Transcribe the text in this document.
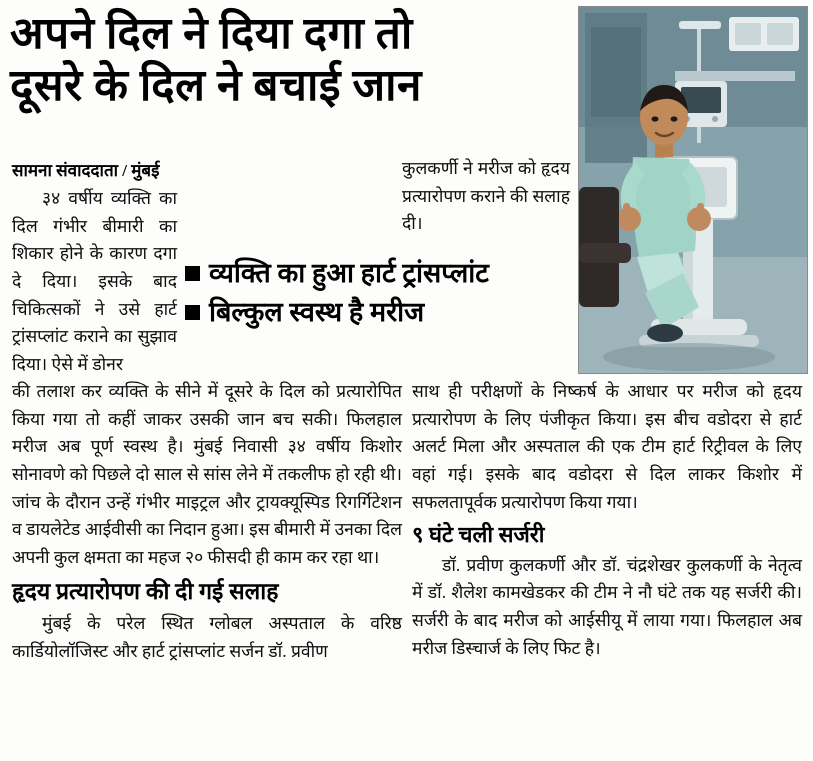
अपने दिल ने दिया दगा तो
दूसरे के दिल ने बचाई जान
सामना संवाददाता / मुंबई

३४ वर्षीय व्यक्ति का दिल गंभीर बीमारी का शिकार होने के कारण दगा दे दिया। इसके बाद चिकित्सकों ने उसे हार्ट ट्रांसप्लांट कराने का सुझाव दिया। ऐसे में डोनर

कुलकर्णी ने मरीज को हृदय प्रत्यारोपण कराने की सलाह दी।

व्यक्ति का हुआ हार्ट ट्रांसप्लांट
बिल्कुल स्वस्थ है मरीज

की तलाश कर व्यक्ति के सीने में दूसरे के दिल को प्रत्यारोपित किया गया तो कहीं जाकर उसकी जान बच सकी। फिलहाल मरीज अब पूर्ण स्वस्थ है। मुंबई निवासी ३४ वर्षीय किशोर सोनावणे को पिछले दो साल से सांस लेने में तकलीफ हो रही थी। जांच के दौरान उन्हें गंभीर माइट्रल और ट्रायक्यूस्पिड रिगर्गिटेशन व डायलेटेड आईवीसी का निदान हुआ। इस बीमारी में उनका दिल अपनी कुल क्षमता का महज २० फीसदी ही काम कर रहा था।

हृदय प्रत्यारोपण की दी गई सलाह

मुंबई के परेल स्थित ग्लोबल अस्पताल के वरिष्ठ कार्डियोलॉजिस्ट और हार्ट ट्रांसप्लांट सर्जन डॉ. प्रवीण

साथ ही परीक्षणों के निष्कर्ष के आधार पर मरीज को हृदय प्रत्यारोपण के लिए पंजीकृत किया। इस बीच वडोदरा से हार्ट अलर्ट मिला और अस्पताल की एक टीम हार्ट रिट्रीवल के लिए वहां गई। इसके बाद वडोदरा से दिल लाकर किशोर में सफलतापूर्वक प्रत्यारोपण किया गया।

९ घंटे चली सर्जरी

डॉ. प्रवीण कुलकर्णी और डॉ. चंद्रशेखर कुलकर्णी के नेतृत्व में डॉ. शैलेश कामखेडकर की टीम ने नौ घंटे तक यह सर्जरी की। सर्जरी के बाद मरीज को आईसीयू में लाया गया। फिलहाल अब मरीज डिस्चार्ज के लिए फिट है।
